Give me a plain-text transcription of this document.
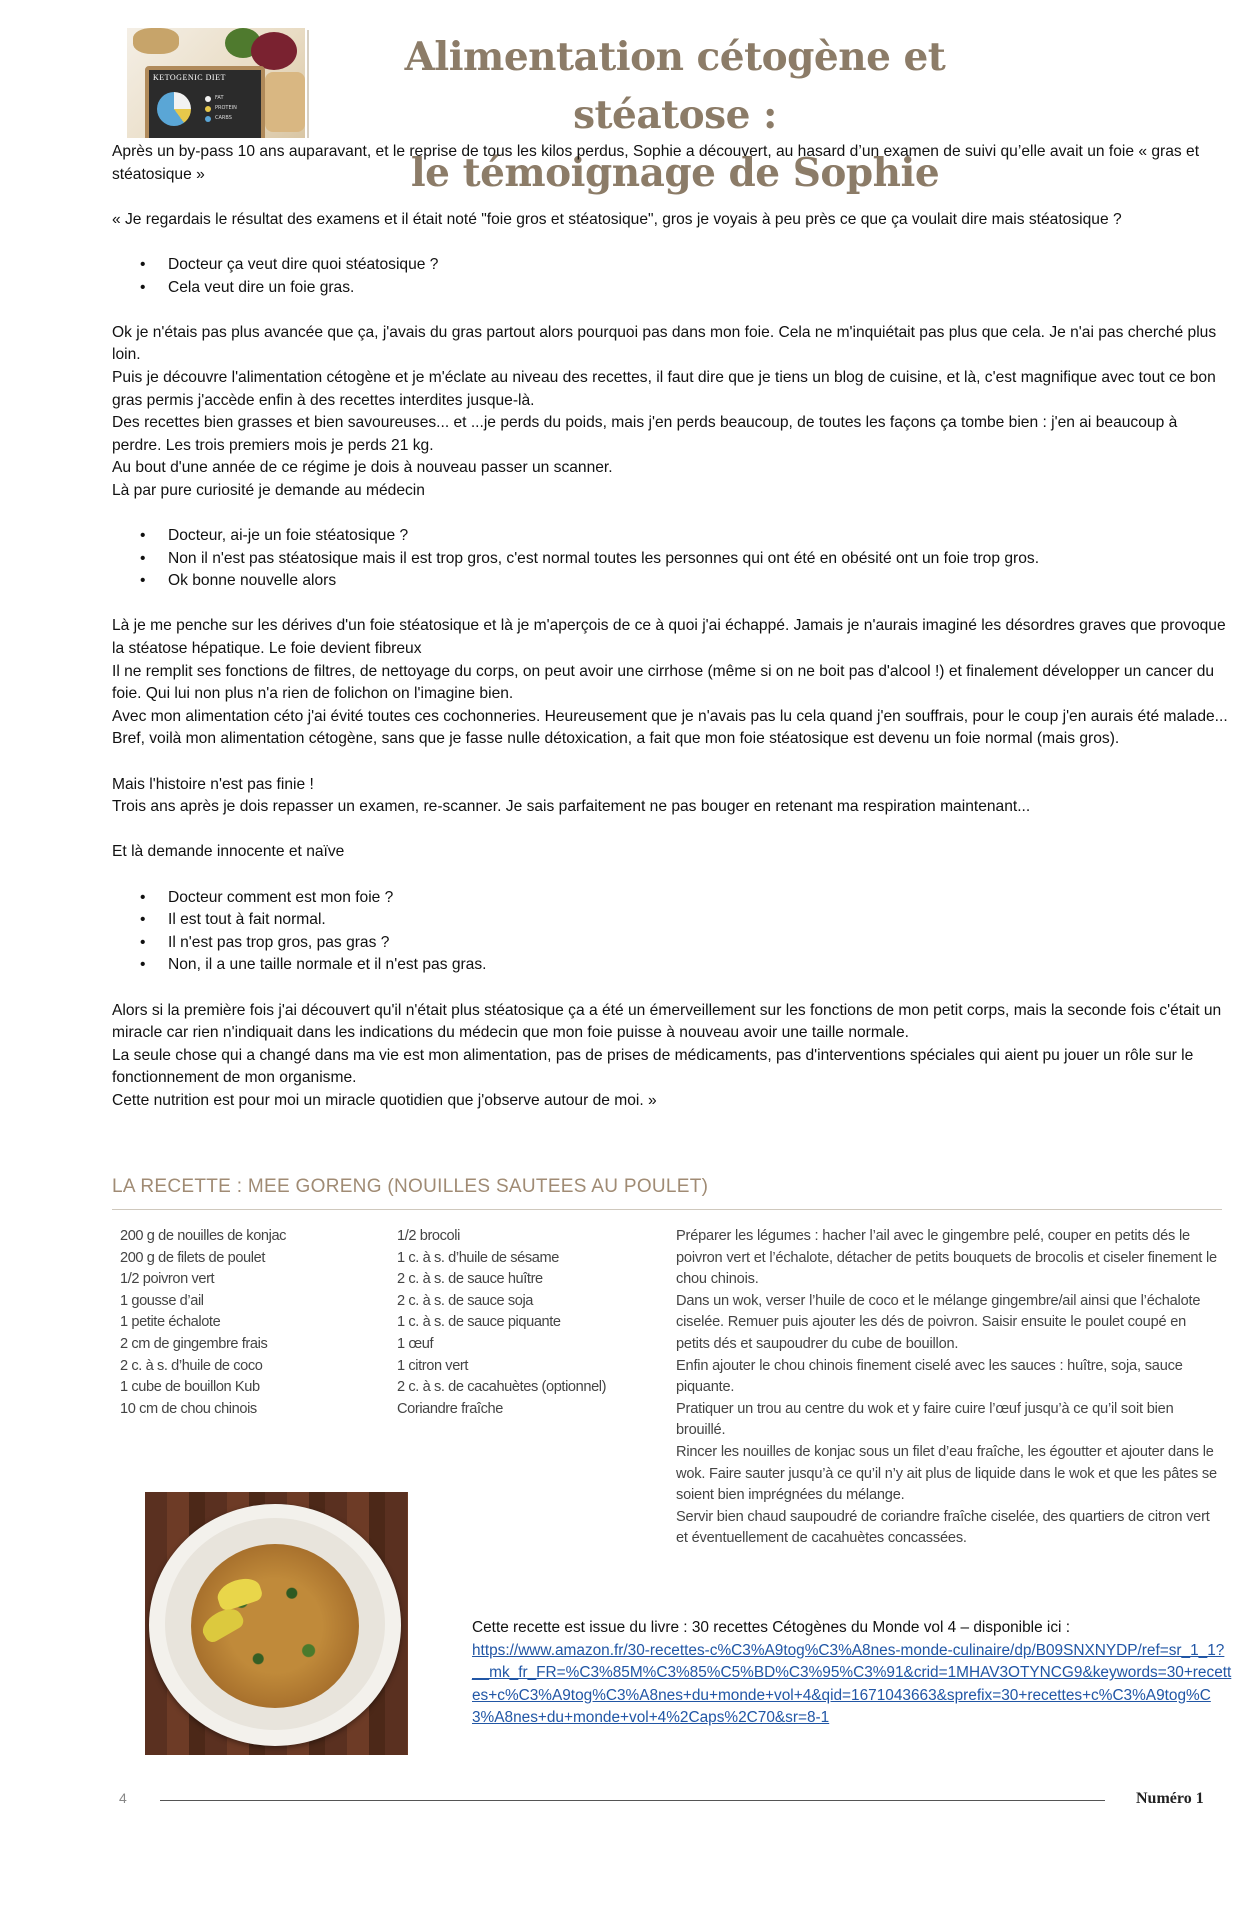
KETOGENIC DIET
FAT
PROTEIN
CARBS
Alimentation cétogène et stéatose :
le témoignage de Sophie

Après un by-pass 10 ans auparavant, et le reprise de tous les kilos perdus, Sophie a découvert, au hasard d’un examen de suivi qu’elle avait un foie « gras et stéatosique »

« Je regardais le résultat des examens et il était noté "foie gros et stéatosique", gros je voyais à peu près ce que ça voulait dire mais stéatosique ?

• Docteur ça veut dire quoi stéatosique ?
• Cela veut dire un foie gras.

Ok je n'étais pas plus avancée que ça, j'avais du gras partout alors pourquoi pas dans mon foie. Cela ne m'inquiétait pas plus que cela. Je n'ai pas cherché plus loin.

Puis je découvre l'alimentation cétogène et je m'éclate au niveau des recettes, il faut dire que je tiens un blog de cuisine, et là, c'est magnifique avec tout ce bon gras permis j'accède enfin à des recettes interdites jusque-là.

Des recettes bien grasses et bien savoureuses... et ...je perds du poids, mais j'en perds beaucoup, de toutes les façons ça tombe bien : j'en ai beaucoup à perdre. Les trois premiers mois je perds 21 kg.

Au bout d'une année de ce régime je dois à nouveau passer un scanner.

Là par pure curiosité je demande au médecin

• Docteur, ai-je un foie stéatosique ?
• Non il n'est pas stéatosique mais il est trop gros, c'est normal toutes les personnes qui ont été en obésité ont un foie trop gros.
• Ok bonne nouvelle alors

Là je me penche sur les dérives d'un foie stéatosique et là je m'aperçois de ce à quoi j'ai échappé. Jamais je n'aurais imaginé les désordres graves que provoque la stéatose hépatique. Le foie devient fibreux

Il ne remplit ses fonctions de filtres, de nettoyage du corps, on peut avoir une cirrhose (même si on ne boit pas d'alcool !) et finalement développer un cancer du foie. Qui lui non plus n'a rien de folichon on l'imagine bien.

Avec mon alimentation céto j'ai évité toutes ces cochonneries. Heureusement que je n'avais pas lu cela quand j'en souffrais, pour le coup j'en aurais été malade...

Bref, voilà mon alimentation cétogène, sans que je fasse nulle détoxication, a fait que mon foie stéatosique est devenu un foie normal (mais gros).

Mais l'histoire n'est pas finie !

Trois ans après je dois repasser un examen, re-scanner. Je sais parfaitement ne pas bouger en retenant ma respiration maintenant...

Et là demande innocente et naïve

• Docteur comment est mon foie ?
• Il est tout à fait normal.
• Il n'est pas trop gros, pas gras ?
• Non, il a une taille normale et il n'est pas gras.

Alors si la première fois j'ai découvert qu'il n'était plus stéatosique ça a été un émerveillement sur les fonctions de mon petit corps, mais la seconde fois c'était un miracle car rien n'indiquait dans les indications du médecin que mon foie puisse à nouveau avoir une taille normale.

La seule chose qui a changé dans ma vie est mon alimentation, pas de prises de médicaments, pas d'interventions spéciales qui aient pu jouer un rôle sur le fonctionnement de mon organisme.

Cette nutrition est pour moi un miracle quotidien que j'observe autour de moi. »

LA RECETTE : MEE GORENG (NOUILLES SAUTEES AU POULET)
200 g de nouilles de konjac
200 g de filets de poulet
1/2 poivron vert
1 gousse d’ail
1 petite échalote
2 cm de gingembre frais
2 c. à s. d’huile de coco
1 cube de bouillon Kub
10 cm de chou chinois
1/2 brocoli
1 c. à s. d’huile de sésame
2 c. à s. de sauce huître
2 c. à s. de sauce soja
1 c. à s. de sauce piquante
1 œuf
1 citron vert
2 c. à s. de cacahuètes (optionnel)
Coriandre fraîche

Préparer les légumes : hacher l’ail avec le gingembre pelé, couper en petits dés le poivron vert et l’échalote, détacher de petits bouquets de brocolis et ciseler finement le chou chinois.

Dans un wok, verser l’huile de coco et le mélange gingembre/ail ainsi que l’échalote ciselée. Remuer puis ajouter les dés de poivron. Saisir ensuite le poulet coupé en petits dés et saupoudrer du cube de bouillon.

Enfin ajouter le chou chinois finement ciselé avec les sauces : huître, soja, sauce piquante.

Pratiquer un trou au centre du wok et y faire cuire l’œuf jusqu’à ce qu’il soit bien brouillé.

Rincer les nouilles de konjac sous un filet d’eau fraîche, les égoutter et ajouter dans le wok. Faire sauter jusqu’à ce qu’il n’y ait plus de liquide dans le wok et que les pâtes se soient bien imprégnées du mélange.

Servir bien chaud saupoudré de coriandre fraîche ciselée, des quartiers de citron vert et éventuellement de cacahuètes concassées.

Cette recette est issue du livre : 30 recettes Cétogènes du Monde vol 4 – disponible ici :

https://www.amazon.fr/30-recettes-c%C3%A9tog%C3%A8nes-monde-culinaire/dp/B09SNXNYDP/ref=sr_1_1?__mk_fr_FR=%C3%85M%C3%85%C5%BD%C3%95%C3%91&crid=1MHAV3OTYNCG9&keywords=30+recettes+c%C3%A9tog%C3%A8nes+du+monde+vol+4&qid=1671043663&sprefix=30+recettes+c%C3%A9tog%C3%A8nes+du+monde+vol+4%2Caps%2C70&sr=8-1
4	Numéro 1
